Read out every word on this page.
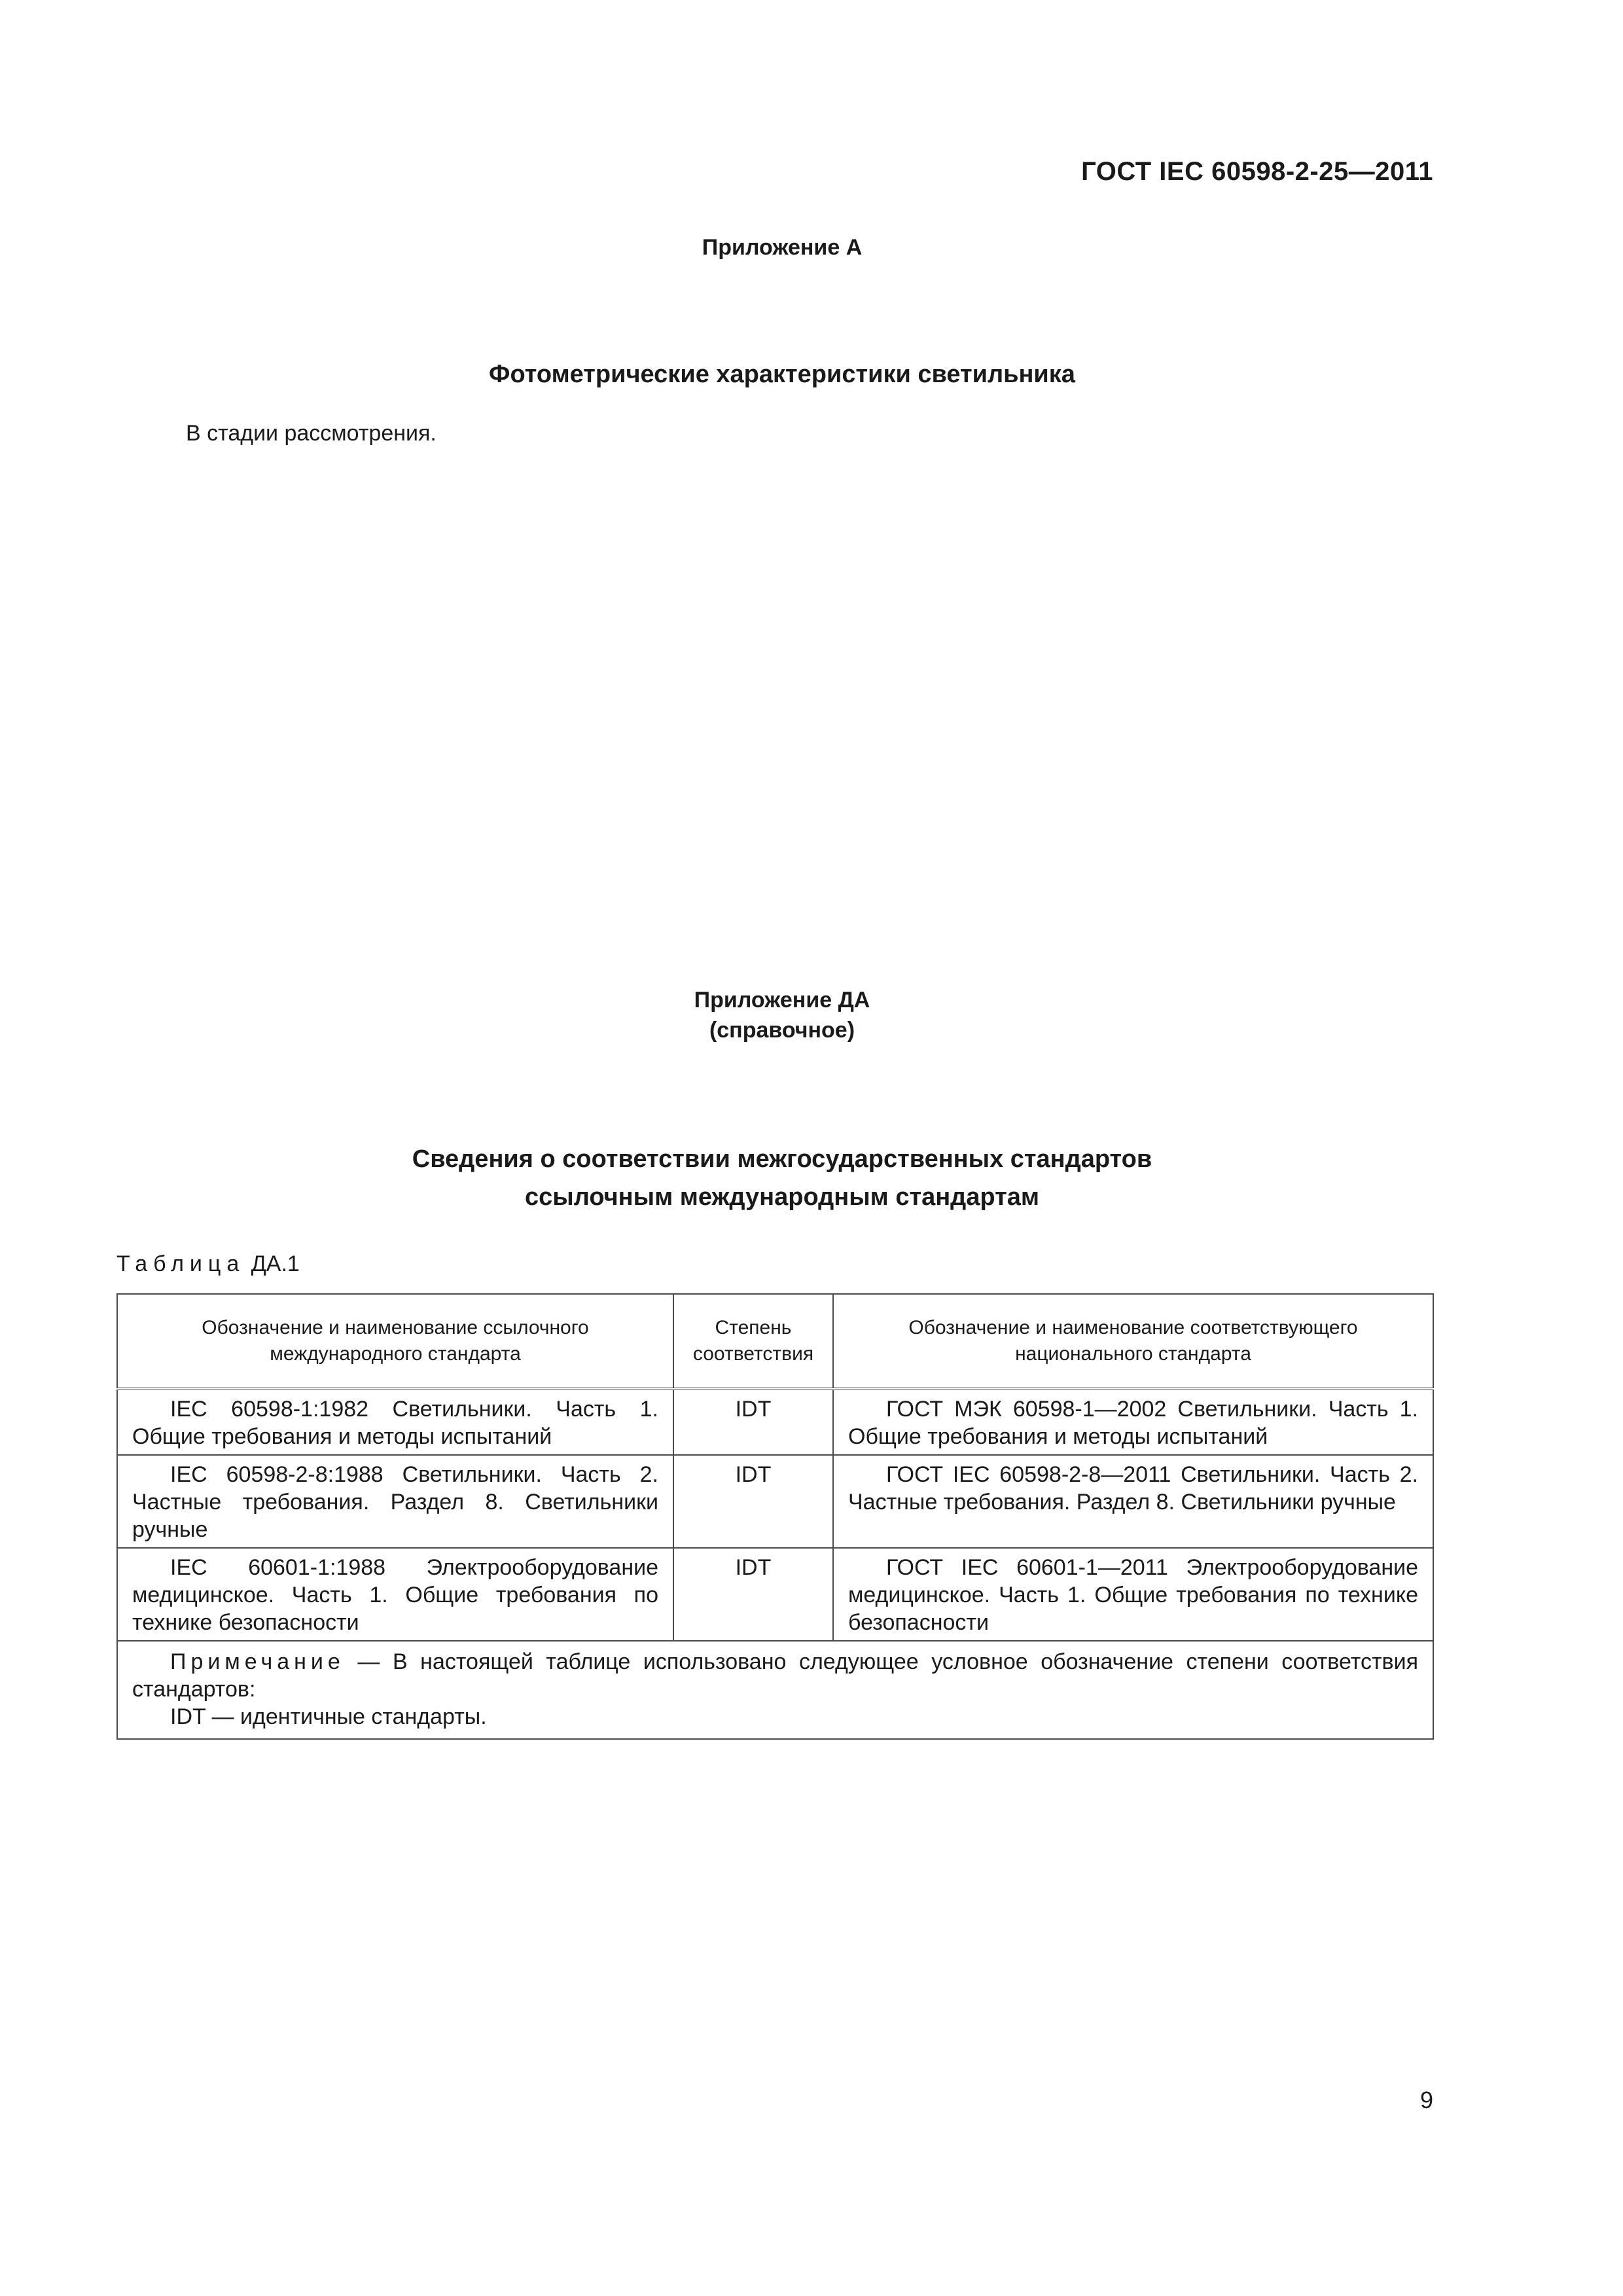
ГОСТ IEC 60598-2-25—2011
Приложение А
Фотометрические характеристики светильника
В стадии рассмотрения.
Приложение ДА
(справочное)
Сведения о соответствии межгосударственных стандартов
ссылочным международным стандартам
Таблица ДА.1
Обозначение и наименование ссылочного международного стандарта	Степень соответствия	Обозначение и наименование соответствующего национального стандарта

IEC 60598-1:1982 Светильники. Часть 1. Общие требования и методы испытаний	IDT	ГОСТ МЭК 60598-1—2002 Светильники. Часть 1. Общие требования и методы испытаний

IEC 60598-2-8:1988 Светильники. Часть 2. Частные требования. Раздел 8. Светильники ручные	IDT	ГОСТ IEC 60598-2-8—2011 Светильники. Часть 2. Частные требования. Раздел 8. Светильники ручные

IEC 60601-1:1988 Электрооборудование медицинское. Часть 1. Общие требования по технике безопасности	IDT	ГОСТ IEC 60601-1—2011 Электрооборудование медицинское. Часть 1. Общие требования по технике безопасности

Примечание — В настоящей таблице использовано следующее условное обозначение степени соответствия стандартов:
IDT — идентичные стандарты.		
9
